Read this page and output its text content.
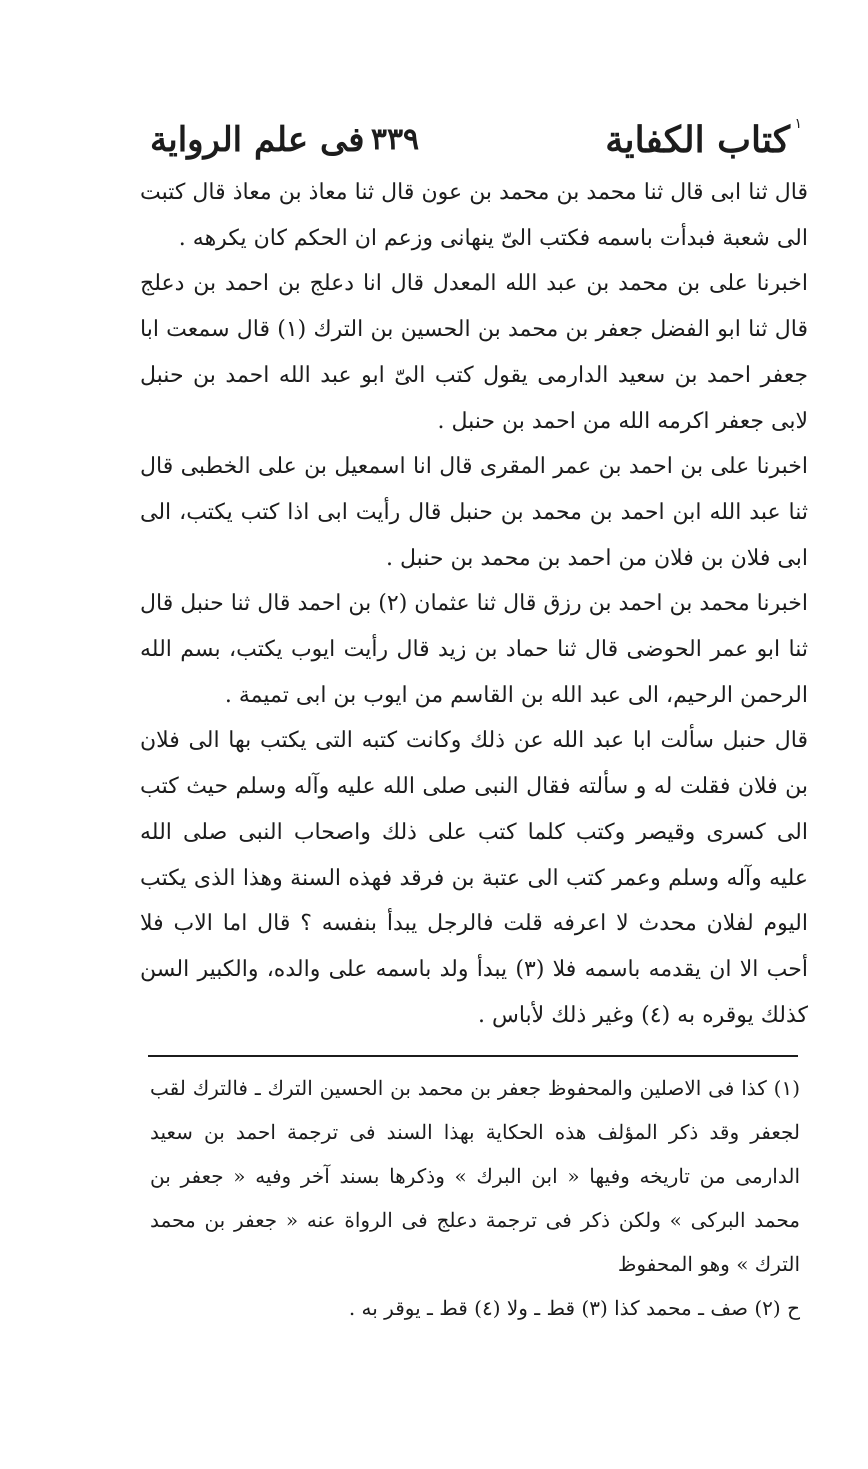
١
كتاب الكفاية
٣٣٩
فى علم الرواية

قال ثنا ابى قال ثنا محمد بن محمد بن عون قال ثنا معاذ بن معاذ قال كتبت الى شعبة فبدأت باسمه فكتب الىّ ينهانى وزعم ان الحكم كان يكرهه .

اخبرنا على بن محمد بن عبد الله المعدل قال انا دعلج بن احمد بن دعلج قال ثنا ابو الفضل جعفر بن محمد بن الحسين بن الترك (١) قال سمعت ابا جعفر احمد بن سعيد الدارمى يقول كتب الىّ ابو عبد الله احمد بن حنبل لابى جعفر اكرمه الله من احمد بن حنبل .

اخبرنا على بن احمد بن عمر المقرى قال انا اسمعيل بن على الخطبى قال ثنا عبد الله ابن احمد بن محمد بن حنبل قال رأيت ابى اذا كتب يكتب، الى ابى فلان بن فلان من احمد بن محمد بن حنبل .

اخبرنا محمد بن احمد بن رزق قال ثنا عثمان (٢) بن احمد قال ثنا حنبل قال ثنا ابو عمر الحوضى قال ثنا حماد بن زيد قال رأيت ايوب يكتب، بسم الله الرحمن الرحيم، الى عبد الله بن القاسم من ايوب بن ابى تميمة .

قال حنبل سألت ابا عبد الله عن ذلك وكانت كتبه التى يكتب بها الى فلان بن فلان فقلت له و سألته فقال النبى صلى الله عليه وآله وسلم حيث كتب الى كسرى وقيصر وكتب كلما كتب على ذلك واصحاب النبى صلى الله عليه وآله وسلم وعمر كتب الى عتبة بن فرقد فهذه السنة وهذا الذى يكتب اليوم لفلان محدث لا اعرفه قلت فالرجل يبدأ بنفسه ؟ قال اما الاب فلا أحب الا ان يقدمه باسمه فلا (٣) يبدأ ولد باسمه على والده، والكبير السن كذلك يوقره به (٤) وغير ذلك لأباس .

(١) كذا فى الاصلين والمحفوظ جعفر بن محمد بن الحسين الترك ـ فالترك لقب لجعفر وقد ذكر المؤلف هذه الحكاية بهذا السند فى ترجمة احمد بن سعيد الدارمى من تاريخه وفيها « ابن البرك » وذكرها بسند آخر وفيه « جعفر بن محمد البركى » ولكن ذكر فى ترجمة دعلج فى الرواة عنه « جعفر بن محمد الترك » وهو المحفوظ

ح (٢) صف ـ محمد كذا (٣) قط ـ ولا (٤) قط ـ يوقر به .
